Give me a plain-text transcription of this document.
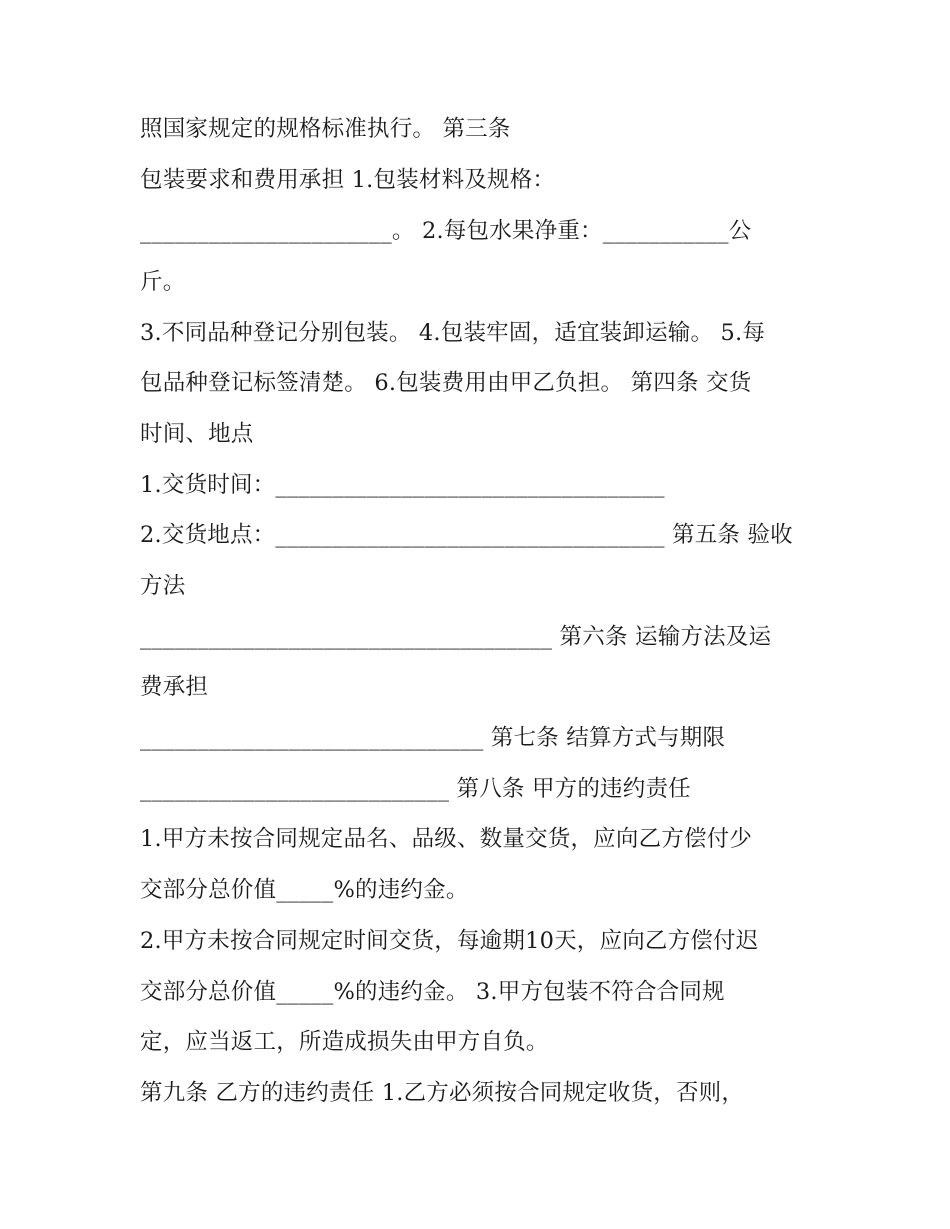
照国家规定的规格标准执行。 第三条
包装要求和费用承担 1.包装材料及规格：
______________________。 2.每包水果净重：___________公
斤。
3.不同品种登记分别包装。 4.包装牢固，适宜装卸运输。 5.每
包品种登记标签清楚。 6.包装费用由甲乙负担。 第四条 交货
时间、地点
1.交货时间：__________________________________
2.交货地点：__________________________________ 第五条 验收
方法
____________________________________ 第六条 运输方法及运
费承担
______________________________ 第七条 结算方式与期限
___________________________ 第八条 甲方的违约责任
1.甲方未按合同规定品名、品级、数量交货，应向乙方偿付少
交部分总价值_____%的违约金。
2.甲方未按合同规定时间交货，每逾期10天，应向乙方偿付迟
交部分总价值_____%的违约金。 3.甲方包装不符合合同规
定，应当返工，所造成损失由甲方自负。
第九条 乙方的违约责任 1.乙方必须按合同规定收货，否则，
